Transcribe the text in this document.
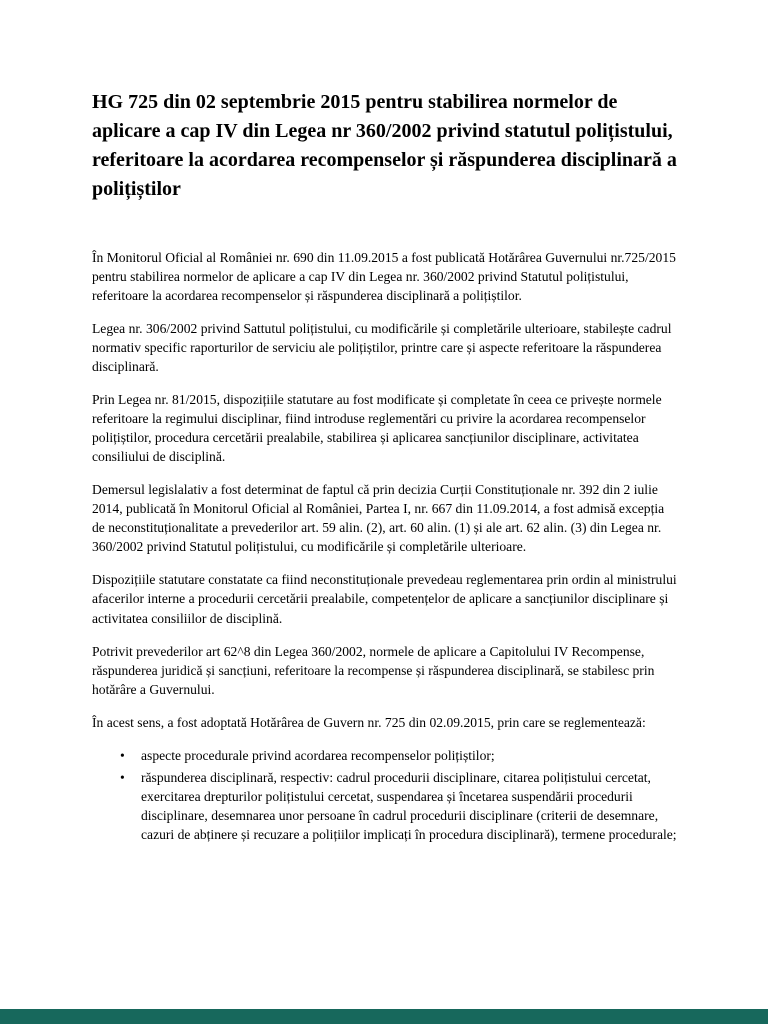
HG 725 din 02 septembrie 2015 pentru stabilirea normelor de aplicare a cap IV din Legea nr 360/2002 privind statutul polițistului, referitoare la acordarea recompenselor și răspunderea disciplinară a polițiștilor

În Monitorul Oficial al României nr. 690 din 11.09.2015 a fost publicată Hotărârea Guvernului nr.725/2015 pentru stabilirea normelor de aplicare a cap IV din Legea nr. 360/2002 privind Statutul polițistului, referitoare la acordarea recompenselor și răspunderea disciplinară a polițiștilor.

Legea nr. 306/2002 privind Sattutul polițistului, cu modificările și completările ulterioare, stabilește cadrul normativ specific raporturilor de serviciu ale polițiștilor, printre care și aspecte referitoare la răspunderea disciplinară.

Prin Legea nr. 81/2015, dispozițiile statutare au fost modificate și completate în ceea ce privește normele referitoare la regimului disciplinar, fiind introduse reglementări cu privire la acordarea recompenselor polițiștilor, procedura cercetării prealabile, stabilirea și aplicarea sancțiunilor disciplinare, activitatea consiliului de disciplină.

Demersul legislalativ a fost determinat de faptul că prin decizia Curții Constituționale nr. 392 din 2 iulie 2014, publicată în Monitorul Oficial al României, Partea I, nr. 667 din 11.09.2014, a fost admisă excepția de neconstituționalitate a prevederilor art. 59 alin. (2), art. 60 alin. (1) și ale art. 62 alin. (3) din Legea nr. 360/2002 privind Statutul polițistului, cu modificările și completările ulterioare.

Dispozițiile statutare constatate ca fiind neconstituționale prevedeau reglementarea prin ordin al ministrului afacerilor interne a procedurii cercetării prealabile, competențelor de aplicare a sancțiunilor disciplinare și activitatea consiliilor de disciplină.

Potrivit prevederilor art 62^8 din Legea 360/2002, normele de aplicare a Capitolului IV Recompense, răspunderea juridică și sancțiuni, referitoare la recompense și răspunderea disciplinară, se stabilesc prin hotărâre a Guvernului.

În acest sens, a fost adoptată Hotărârea de Guvern nr. 725 din 02.09.2015, prin care se reglementează:

• aspecte procedurale privind acordarea recompenselor polițiștilor;
• răspunderea disciplinară, respectiv: cadrul procedurii disciplinare, citarea polițistului cercetat, exercitarea drepturilor polițistului cercetat, suspendarea și încetarea suspendării procedurii disciplinare, desemnarea unor persoane în cadrul procedurii disciplinare (criterii de desemnare, cazuri de abținere și recuzare a polițiilor implicați în procedura disciplinară), termene procedurale;
